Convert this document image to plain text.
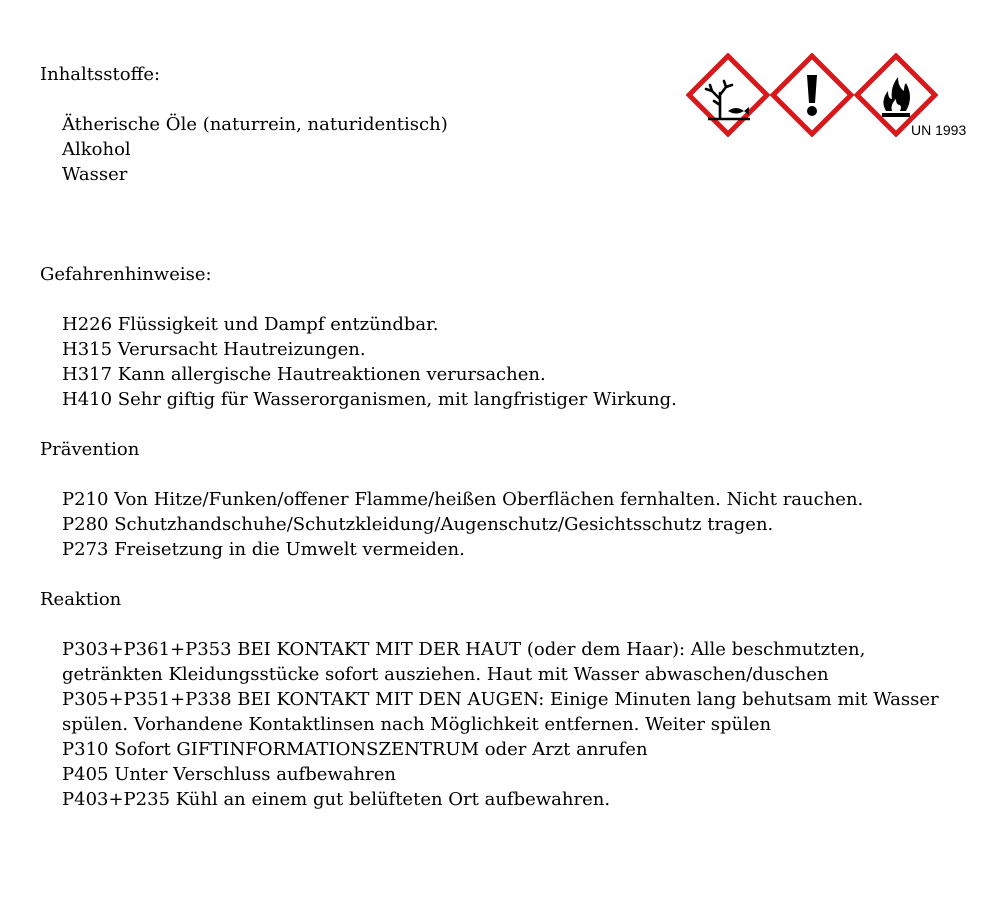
Inhaltsstoffe:

Ätherische Öle (naturrein, naturidentisch)
Alkohol
Wasser

Gefahrenhinweise:

H226 Flüssigkeit und Dampf entzündbar.
H315 Verursacht Hautreizungen.
H317 Kann allergische Hautreaktionen verursachen.
H410 Sehr giftig für Wasserorganismen, mit langfristiger Wirkung.

Prävention

P210 Von Hitze/Funken/offener Flamme/heißen Oberflächen fernhalten. Nicht rauchen.
P280 Schutzhandschuhe/Schutzkleidung/Augenschutz/Gesichtsschutz tragen.
P273 Freisetzung in die Umwelt vermeiden.

Reaktion

P303+P361+P353 BEI KONTAKT MIT DER HAUT (oder dem Haar): Alle beschmutzten,
getränkten Kleidungsstücke sofort ausziehen. Haut mit Wasser abwaschen/duschen
P305+P351+P338 BEI KONTAKT MIT DEN AUGEN: Einige Minuten lang behutsam mit Wasser
spülen. Vorhandene Kontaktlinsen nach Möglichkeit entfernen. Weiter spülen
P310 Sofort GIFTINFORMATIONSZENTRUM oder Arzt anrufen
P405 Unter Verschluss aufbewahren
P403+P235 Kühl an einem gut belüfteten Ort aufbewahren.
UN 1993
